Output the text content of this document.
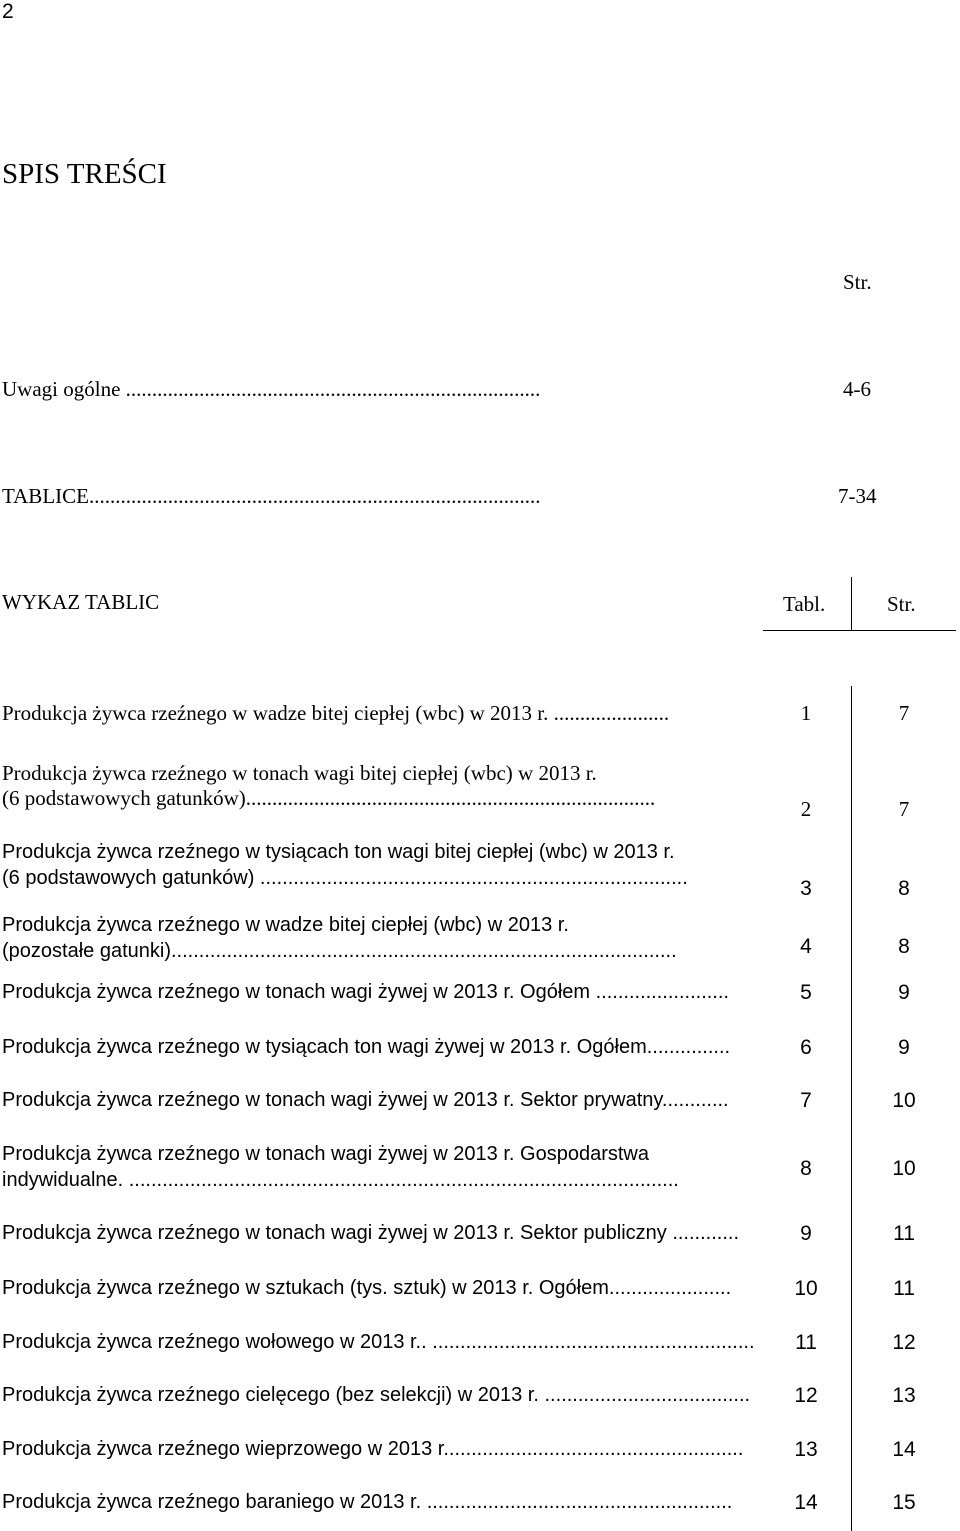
2
SPIS TREŚCI
Str.
Uwagi ogólne ...............................................................................	4-6
TABLICE......................................................................................	7-34
WYKAZ TABLIC	Tabl.	Str.
Produkcja żywca rzeźnego w wadze bitej ciepłej (wbc) w 2013 r. ......................	1	7
Produkcja żywca rzeźnego w tonach wagi bitej ciepłej (wbc) w 2013 r.
(6 podstawowych gatunków)..............................................................................	2	7
Produkcja żywca rzeźnego w tysiącach ton wagi bitej ciepłej (wbc) w 2013 r.
(6 podstawowych gatunków) .............................................................................	3	8
Produkcja żywca rzeźnego w wadze bitej ciepłej (wbc) w 2013 r.
(pozostałe gatunki)...........................................................................................	4	8
Produkcja żywca rzeźnego w tonach wagi żywej w 2013 r. Ogółem ........................	5	9
Produkcja żywca rzeźnego w tysiącach ton wagi żywej w 2013 r. Ogółem...............	6	9
Produkcja żywca rzeźnego w tonach wagi żywej w 2013 r. Sektor prywatny............	7	10
Produkcja żywca rzeźnego w tonach wagi żywej w 2013 r. Gospodarstwa
indywidualne. ...................................................................................................	8	10
Produkcja żywca rzeźnego w tonach wagi żywej w 2013 r. Sektor publiczny ............	9	11
Produkcja żywca rzeźnego w sztukach (tys. sztuk) w 2013 r. Ogółem......................	10	11
Produkcja żywca rzeźnego wołowego w 2013 r.. ..........................................................	11	12
Produkcja żywca rzeźnego cielęcego (bez selekcji) w 2013 r. .....................................	12	13
Produkcja żywca rzeźnego wieprzowego w 2013 r......................................................	13	14
Produkcja żywca rzeźnego baraniego w 2013 r. .......................................................	14	15
